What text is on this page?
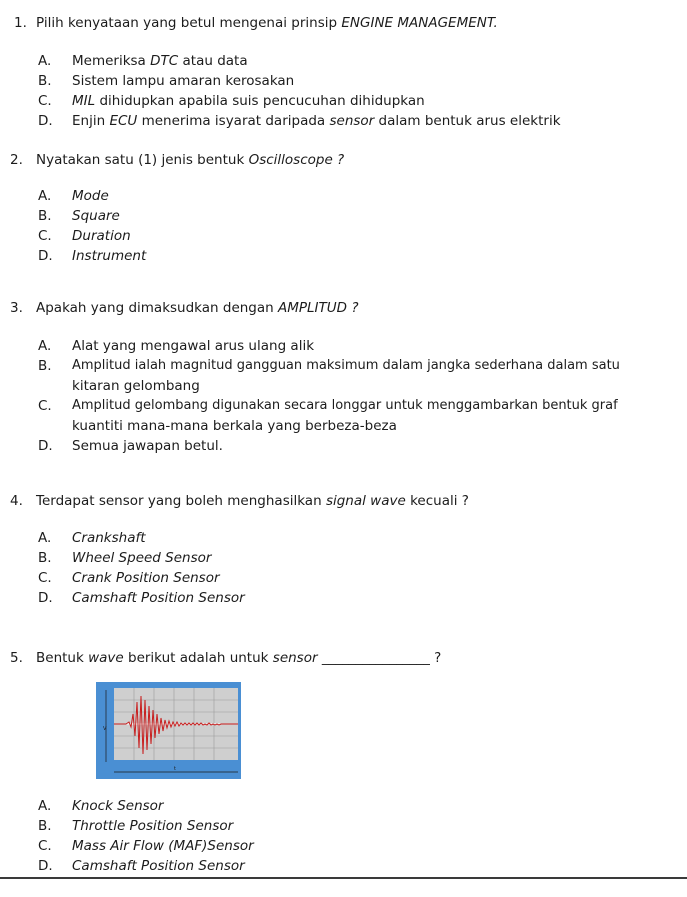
1. Pilih kenyataan yang betul mengenai prinsip ENGINE MANAGEMENT.
A. Memeriksa DTC atau data
B. Sistem lampu amaran kerosakan
C. MIL dihidupkan apabila suis pencucuhan dihidupkan
D. Enjin ECU menerima isyarat daripada sensor dalam bentuk arus elektrik
2. Nyatakan satu (1) jenis bentuk Oscilloscope ?
A. Mode
B. Square
C. Duration
D. Instrument
3. Apakah yang dimaksudkan dengan AMPLITUD ?
A. Alat yang mengawal arus ulang alik
B. Amplitud ialah magnitud gangguan maksimum dalam jangka sederhana dalam satu
kitaran gelombang
C. Amplitud gelombang digunakan secara longgar untuk menggambarkan bentuk graf
kuantiti mana-mana berkala yang berbeza-beza
D. Semua jawapan betul.
4. Terdapat sensor yang boleh menghasilkan signal wave kecuali ?
A. Crankshaft
B. Wheel Speed Sensor
C. Crank Position Sensor
D. Camshaft Position Sensor
5. Bentuk wave berikut adalah untuk sensor ________________ ?
V
t
A. Knock Sensor
B. Throttle Position Sensor
C. Mass Air Flow (MAF)Sensor
D. Camshaft Position Sensor
